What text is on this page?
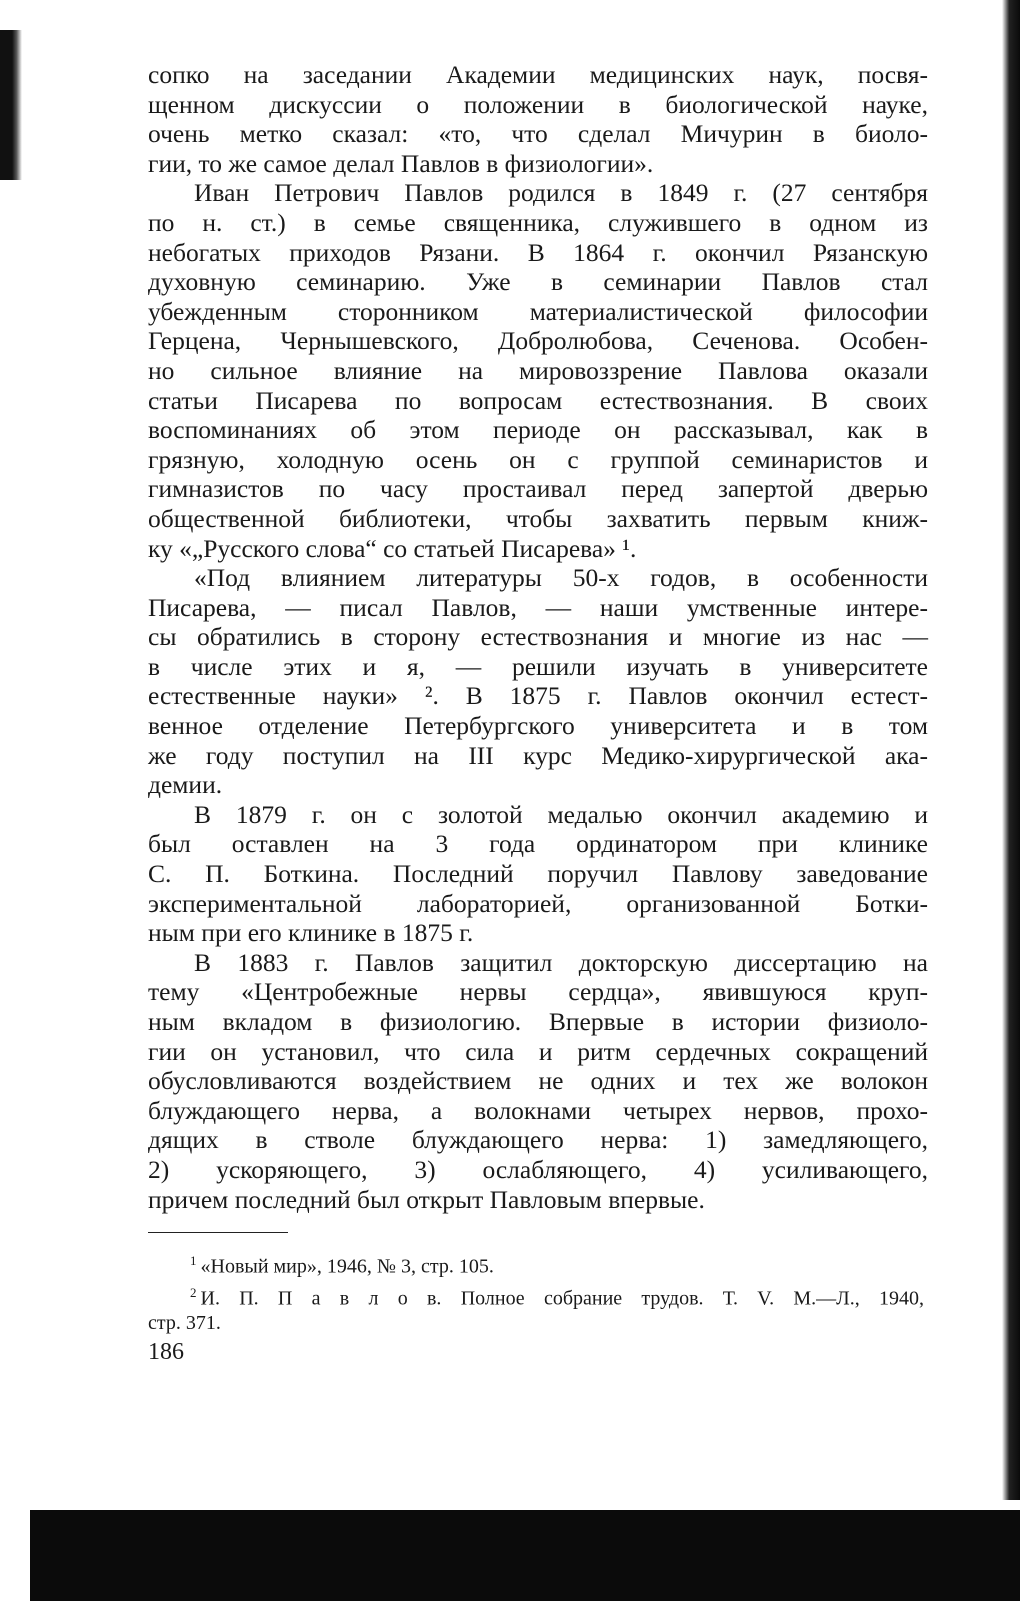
сопко на заседании Академии медицинских наук, посвя-
щенном дискуссии о положении в биологической науке,
очень метко сказал: «то, что сделал Мичурин в биоло-
гии, то же самое делал Павлов в физиологии».

Иван Петрович Павлов родился в 1849 г. (27 сентября
по н. ст.) в семье священника, служившего в одном из
небогатых приходов Рязани. В 1864 г. окончил Рязанскую
духовную семинарию. Уже в семинарии Павлов стал
убежденным сторонником материалистической философии
Герцена, Чернышевского, Добролюбова, Сеченова. Особен-
но сильное влияние на мировоззрение Павлова оказали
статьи Писарева по вопросам естествознания. В своих
воспоминаниях об этом периоде он рассказывал, как в
грязную, холодную осень он с группой семинаристов и
гимназистов по часу простаивал перед запертой дверью
общественной библиотеки, чтобы захватить первым книж-
ку «„Русского слова“ со статьей Писарева» ¹.

«Под влиянием литературы 50-х годов, в особенности
Писарева, — писал Павлов, — наши умственные интере-
сы обратились в сторону естествознания и многие из нас —
в числе этих и я, — решили изучать в университете
естественные науки» ². В 1875 г. Павлов окончил естест-
венное отделение Петербургского университета и в том
же году поступил на III курс Медико-хирургической ака-
демии.

В 1879 г. он с золотой медалью окончил академию и
был оставлен на 3 года ординатором при клинике
С. П. Боткина. Последний поручил Павлову заведование
экспериментальной лабораторией, организованной Ботки-
ным при его клинике в 1875 г.

В 1883 г. Павлов защитил докторскую диссертацию на
тему «Центробежные нервы сердца», явившуюся круп-
ным вкладом в физиологию. Впервые в истории физиоло-
гии он установил, что сила и ритм сердечных сокращений
обусловливаются воздействием не одних и тех же волокон
блуждающего нерва, а волокнами четырех нервов, прохо-
дящих в стволе блуждающего нерва: 1) замедляющего,
2) ускоряющего, 3) ослабляющего, 4) усиливающего,
причем последний был открыт Павловым впервые.

$^1$ «Новый мир», 1946, № 3, стр. 105.
$^2$ И. П. П а в л о в. Полное собрание трудов. Т. V. М.—Л., 1940,
стр. 371.
186
